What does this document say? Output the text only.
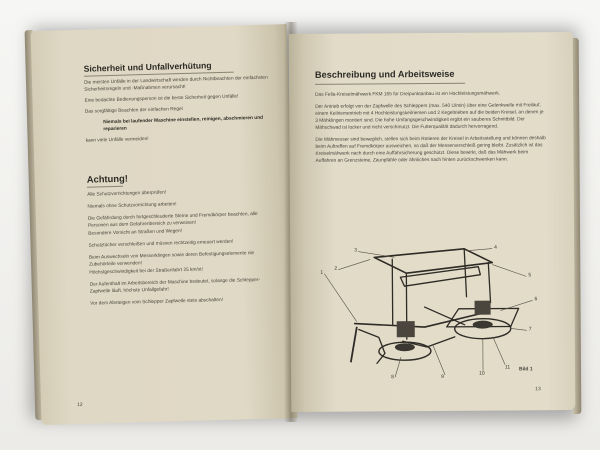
Sicherheit und Unfallverhütung

Die meisten Unfälle in der Landwirtschaft werden durch Nichtbeachten der einfachsten Sicherheitsregeln und -Maßnahmen verursacht!

Eine bedachte Bedienungsperson ist die beste Sicherheit gegen Unfälle!

Das sorgfältige Beachten der einfachen Regel

Niemals bei laufender Maschine einstellen, reinigen, abschmieren und reparieren

kann viele Unfälle vermeiden!

Achtung!

Alle Schutzvorrichtungen überprüfen!

Niemals ohne Schutzvorrichtung arbeiten!

Die Gefährdung durch fortgeschleuderte Steine und Fremdkörper beachten, alle Personen aus dem Gefahrenbereich zu verweisen!

Besondere Vorsicht an Straßen und Wegen!

Schutztücher verschleißen und müssen rechtzeitig erneuert werden!

Beim Auswechseln von Messerklingen sowie deren Befestigungselemente nie Zubehörteile verwenden!

Höchstgeschwindigkeit bei der Straßenfahrt 25 km/st!

Der Aufenthalt im Arbeitsbereich der Maschine bedeutet, solange die Schlepper-Zapfwelle läuft, höchste Unfallgefahr!

Vor dem Absteigen vom Schlepper Zapfwelle stets abschalten!

12
Beschreibung und Arbeitsweise

Das Fella-Kreiselmähwerk FKM 165 für Dreipunktanbau ist ein Hochleistungsmähwerk.

Der Antrieb erfolgt von der Zapfwelle des Schleppers (max. 540 U/min) über eine Gelenkwelle mit Freilauf, einem Keilriementrieb mit 4 Hochleistungskeilriemen und 2 Kegeltrieben auf die beiden Kreisel, an denen je 3 Mähklingen montiert sind. Die hohe Umfangsgeschwindigkeit ergibt ein sauberes Schnittbild. Der Mähschwad ist locker und nicht verschmutzt. Die Futterqualität dadurch hervorragend.

Die Mähmesser sind beweglich, stellen sich beim Rotieren der Kreisel in Arbeitsstellung und können deshalb beim Auftreffen auf Fremdkörper ausweichen, so daß der Messerverschleiß gering bleibt. Zusätzlich ist das Kreiselmähwerk nach durch eine Auffahrsicherung geschützt. Diese bewirkt, daß das Mähwerk beim Auffahren an Grenzsteine, Zaunpfähle oder ähnliches nach hinten zurückschwenken kann.

1
2
3	4
5
6
7
8	9
10
11 Bild 1
13
